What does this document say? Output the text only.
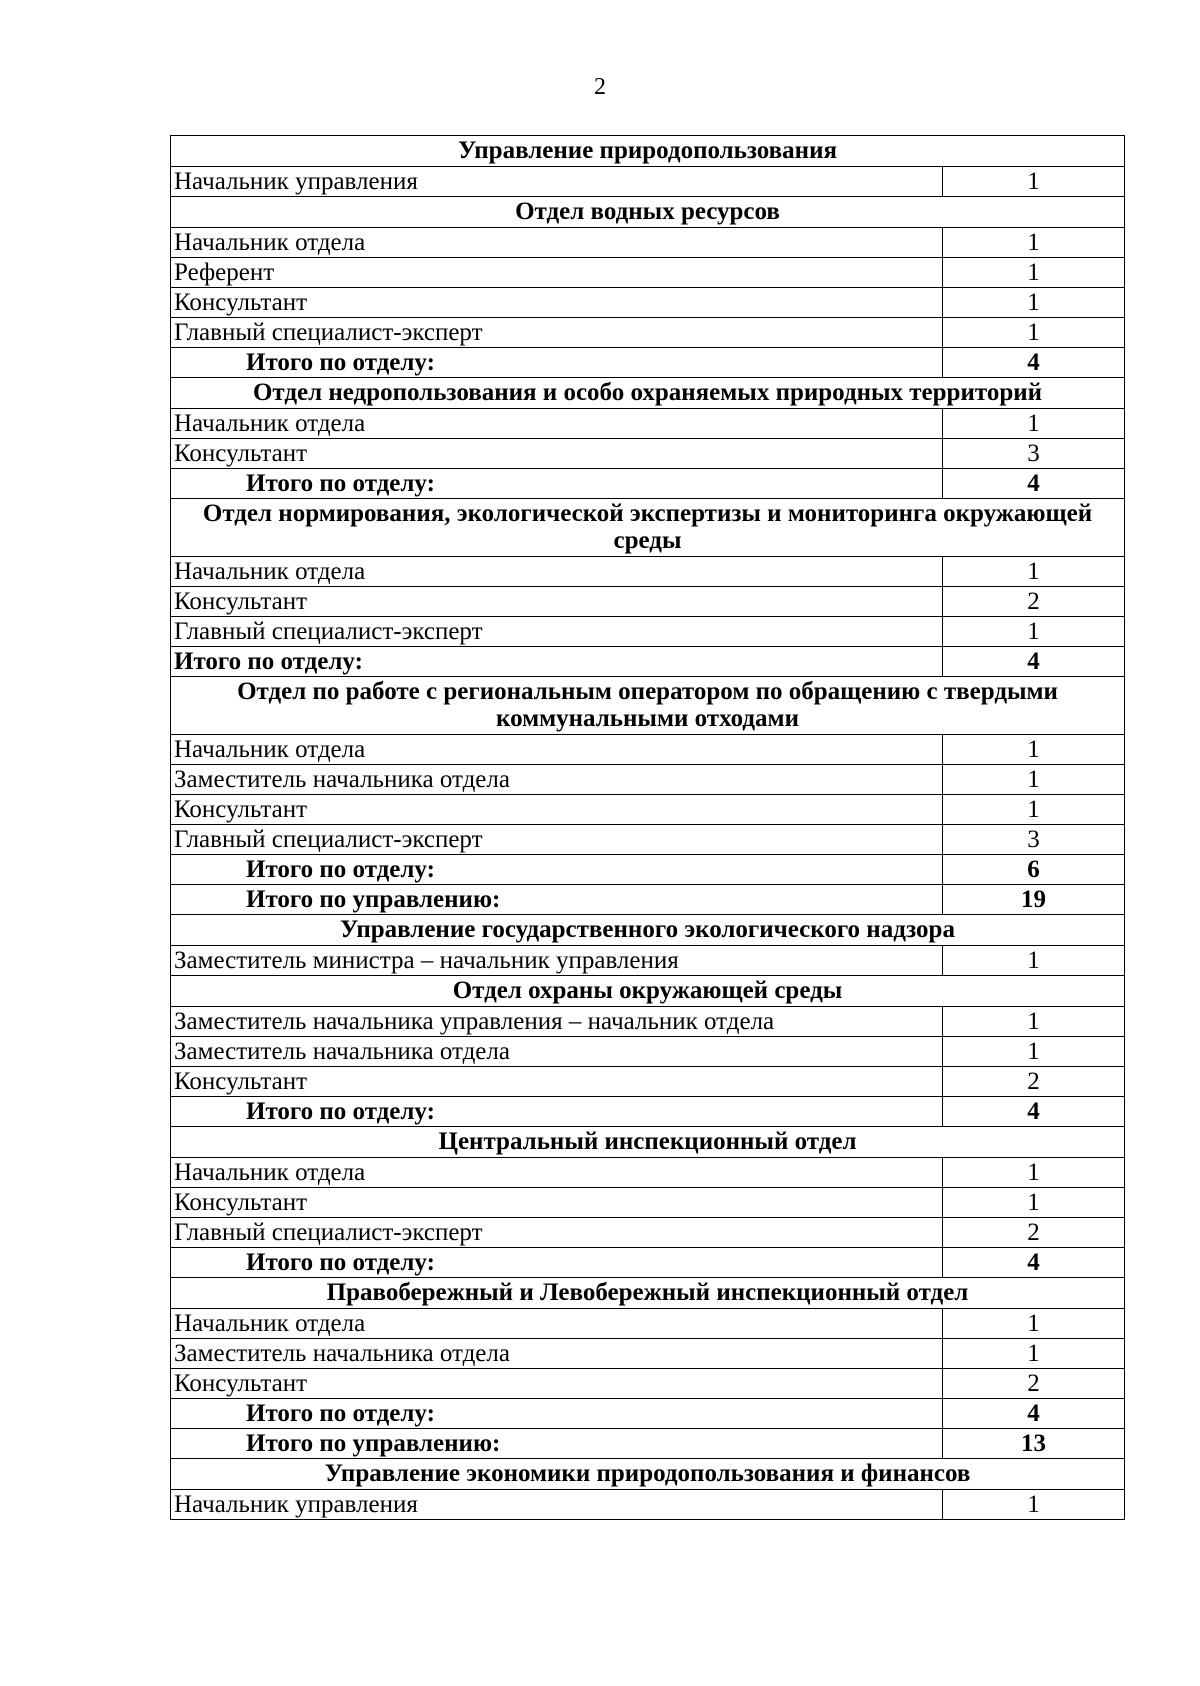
2
Управление природопользования	
Начальник управления	1
Отдел водных ресурсов	
Начальник отдела	1
Референт	1
Консультант	1
Главный специалист-эксперт	1
Итого по отделу:	4
Отдел недропользования и особо охраняемых природных территорий	
Начальник отдела	1
Консультант	3
Итого по отделу:	4
Отдел нормирования, экологической экспертизы и мониторинга окружающей среды	
Начальник отдела	1
Консультант	2
Главный специалист-эксперт	1
Итого по отделу:	4
Отдел по работе с региональным оператором по обращению с твердыми коммунальными отходами	
Начальник отдела	1
Заместитель начальника отдела	1
Консультант	1
Главный специалист-эксперт	3
Итого по отделу:	6
Итого по управлению:	19
Управление государственного экологического надзора	
Заместитель министра – начальник управления	1
Отдел охраны окружающей среды	
Заместитель начальника управления – начальник отдела	1
Заместитель начальника отдела	1
Консультант	2
Итого по отделу:	4
Центральный инспекционный отдел	
Начальник отдела	1
Консультант	1
Главный специалист-эксперт	2
Итого по отделу:	4
Правобережный и Левобережный инспекционный отдел	
Начальник отдела	1
Заместитель начальника отдела	1
Консультант	2
Итого по отделу:	4
Итого по управлению:	13
Управление экономики природопользования и финансов	
Начальник управления	1
